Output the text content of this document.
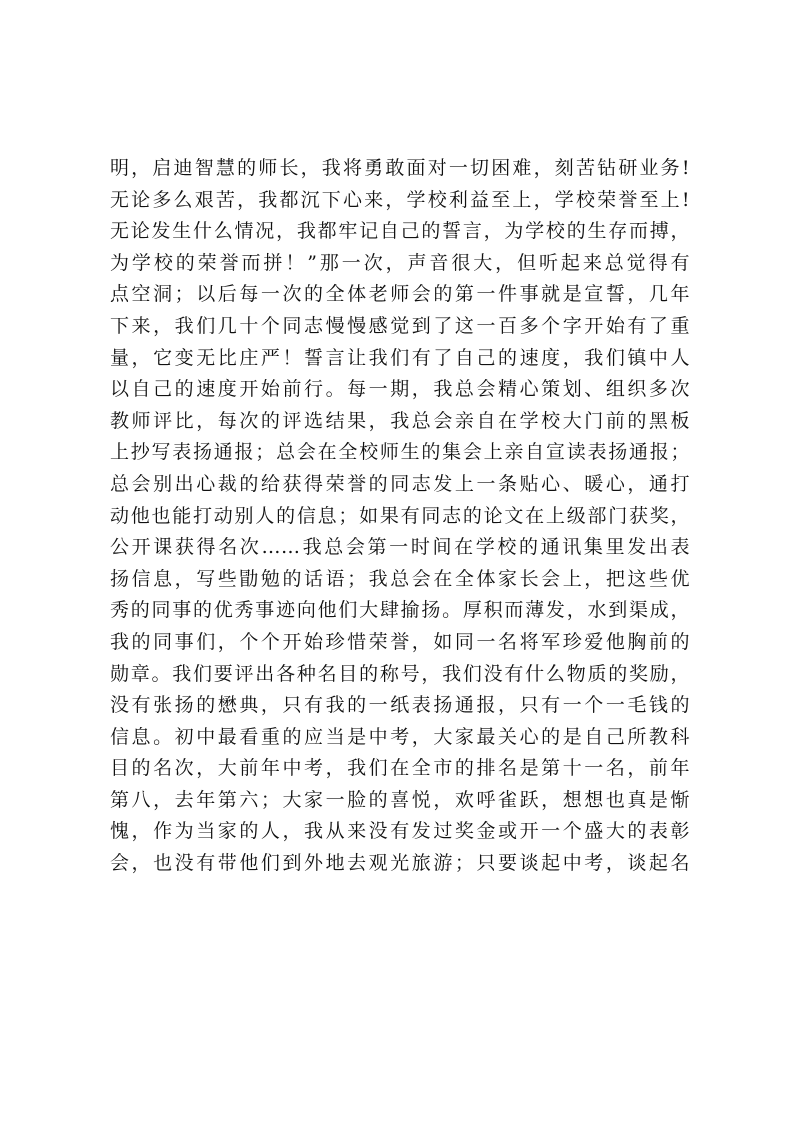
明，启迪智慧的师长，我将勇敢面对一切困难，刻苦钻研业务!
无论多么艰苦，我都沉下心来，学校利益至上，学校荣誉至上!
无论发生什么情况，我都牢记自己的誓言，为学校的生存而搏，
为学校的荣誉而拼！”那一次，声音很大，但听起来总觉得有
点空洞；以后每一次的全体老师会的第一件事就是宣誓，几年
下来，我们几十个同志慢慢感觉到了这一百多个字开始有了重
量，它变无比庄严！誓言让我们有了自己的速度，我们镇中人
以自己的速度开始前行。每一期，我总会精心策划、组织多次
教师评比，每次的评选结果，我总会亲自在学校大门前的黑板
上抄写表扬通报；总会在全校师生的集会上亲自宣读表扬通报；
总会别出心裁的给获得荣誉的同志发上一条贴心、暖心，通打
动他也能打动别人的信息；如果有同志的论文在上级部门获奖，
公开课获得名次……我总会第一时间在学校的通讯集里发出表
扬信息，写些勖勉的话语；我总会在全体家长会上，把这些优
秀的同事的优秀事迹向他们大肆揄扬。厚积而薄发，水到渠成，
我的同事们，个个开始珍惜荣誉，如同一名将军珍爱他胸前的
勋章。我们要评出各种名目的称号，我们没有什么物质的奖励，
没有张扬的懋典，只有我的一纸表扬通报，只有一个一毛钱的
信息。初中最看重的应当是中考，大家最关心的是自己所教科
目的名次，大前年中考，我们在全市的排名是第十一名，前年
第八，去年第六；大家一脸的喜悦，欢呼雀跃，想想也真是惭
愧，作为当家的人，我从来没有发过奖金或开一个盛大的表彰
会，也没有带他们到外地去观光旅游；只要谈起中考，谈起名
